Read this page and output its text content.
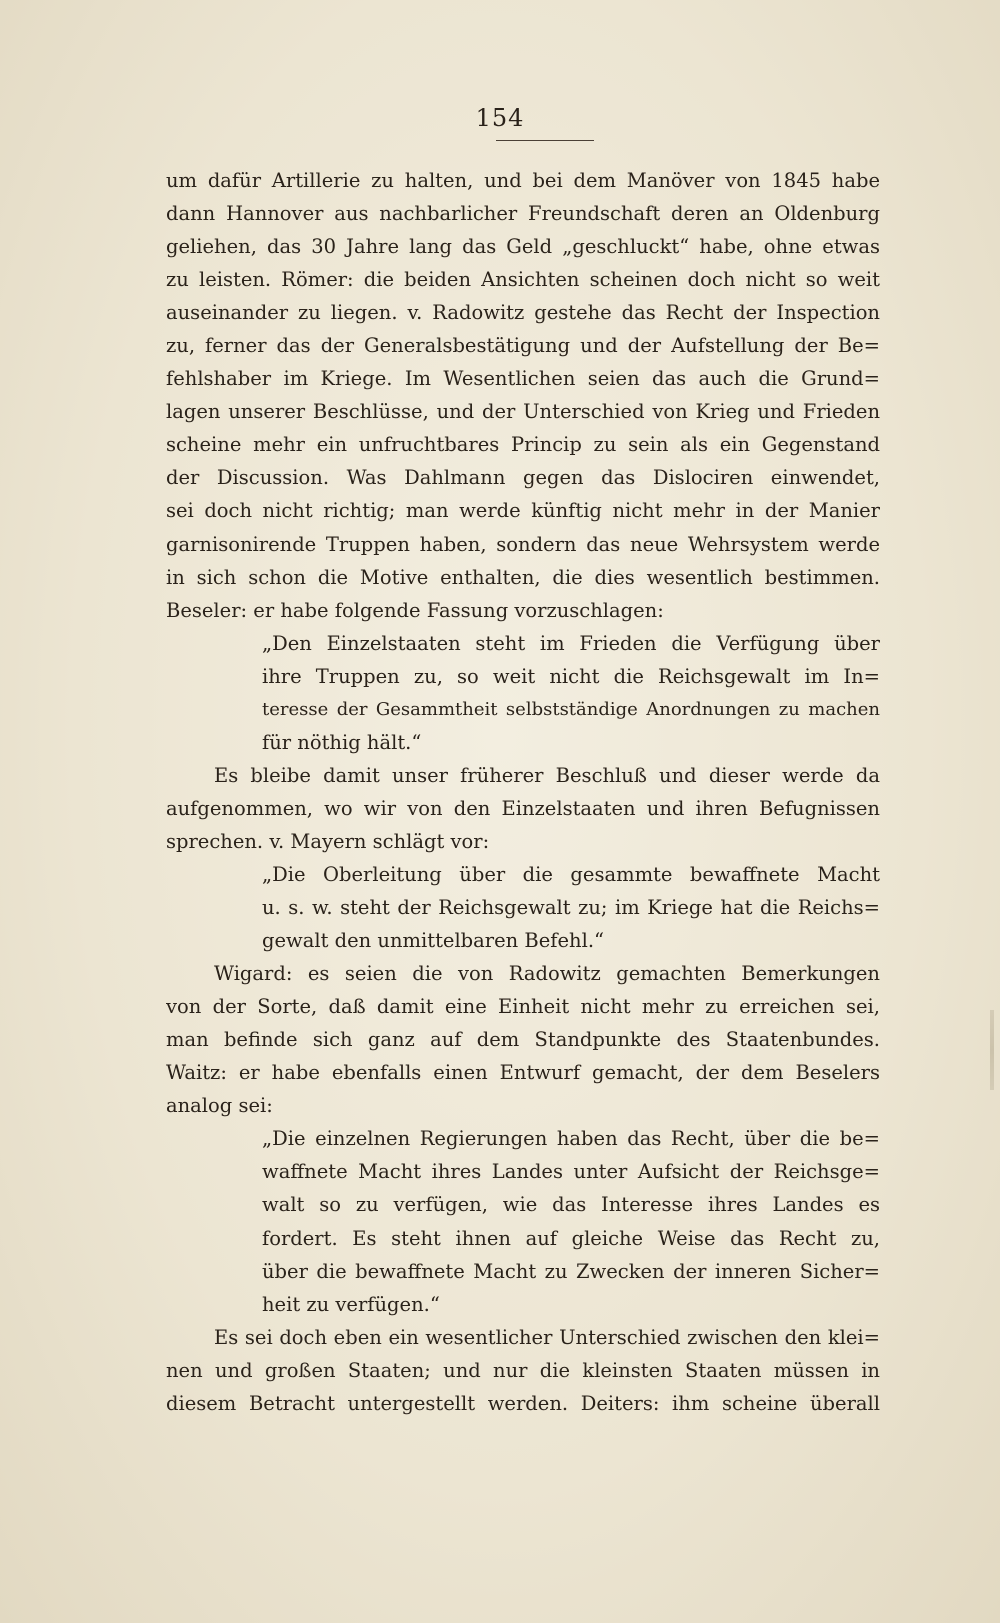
154
um dafür Artillerie zu halten, und bei dem Manöver von 1845 habe
dann Hannover aus nachbarlicher Freundschaft deren an Oldenburg
geliehen, das 30 Jahre lang das Geld „geschluckt“ habe, ohne etwas
zu leisten. Römer: die beiden Ansichten scheinen doch nicht so weit
auseinander zu liegen. v. Radowitz gestehe das Recht der Inspection
zu, ferner das der Generalsbestätigung und der Aufstellung der Be=
fehlshaber im Kriege. Im Wesentlichen seien das auch die Grund=
lagen unserer Beschlüsse, und der Unterschied von Krieg und Frieden
scheine mehr ein unfruchtbares Princip zu sein als ein Gegenstand
der Discussion. Was Dahlmann gegen das Dislociren einwendet,
sei doch nicht richtig; man werde künftig nicht mehr in der Manier
garnisonirende Truppen haben, sondern das neue Wehrsystem werde
in sich schon die Motive enthalten, die dies wesentlich bestimmen.
Beseler: er habe folgende Fassung vorzuschlagen:
„Den Einzelstaaten steht im Frieden die Verfügung über
ihre Truppen zu, so weit nicht die Reichsgewalt im In=
teresse der Gesammtheit selbstständige Anordnungen zu machen
für nöthig hält.“
Es bleibe damit unser früherer Beschluß und dieser werde da
aufgenommen, wo wir von den Einzelstaaten und ihren Befugnissen
sprechen. v. Mayern schlägt vor:
„Die Oberleitung über die gesammte bewaffnete Macht
u. s. w. steht der Reichsgewalt zu; im Kriege hat die Reichs=
gewalt den unmittelbaren Befehl.“
Wigard: es seien die von Radowitz gemachten Bemerkungen
von der Sorte, daß damit eine Einheit nicht mehr zu erreichen sei,
man befinde sich ganz auf dem Standpunkte des Staatenbundes.
Waitz: er habe ebenfalls einen Entwurf gemacht, der dem Beselers
analog sei:
„Die einzelnen Regierungen haben das Recht, über die be=
waffnete Macht ihres Landes unter Aufsicht der Reichsge=
walt so zu verfügen, wie das Interesse ihres Landes es
fordert. Es steht ihnen auf gleiche Weise das Recht zu,
über die bewaffnete Macht zu Zwecken der inneren Sicher=
heit zu verfügen.“
Es sei doch eben ein wesentlicher Unterschied zwischen den klei=
nen und großen Staaten; und nur die kleinsten Staaten müssen in
diesem Betracht untergestellt werden. Deiters: ihm scheine überall
